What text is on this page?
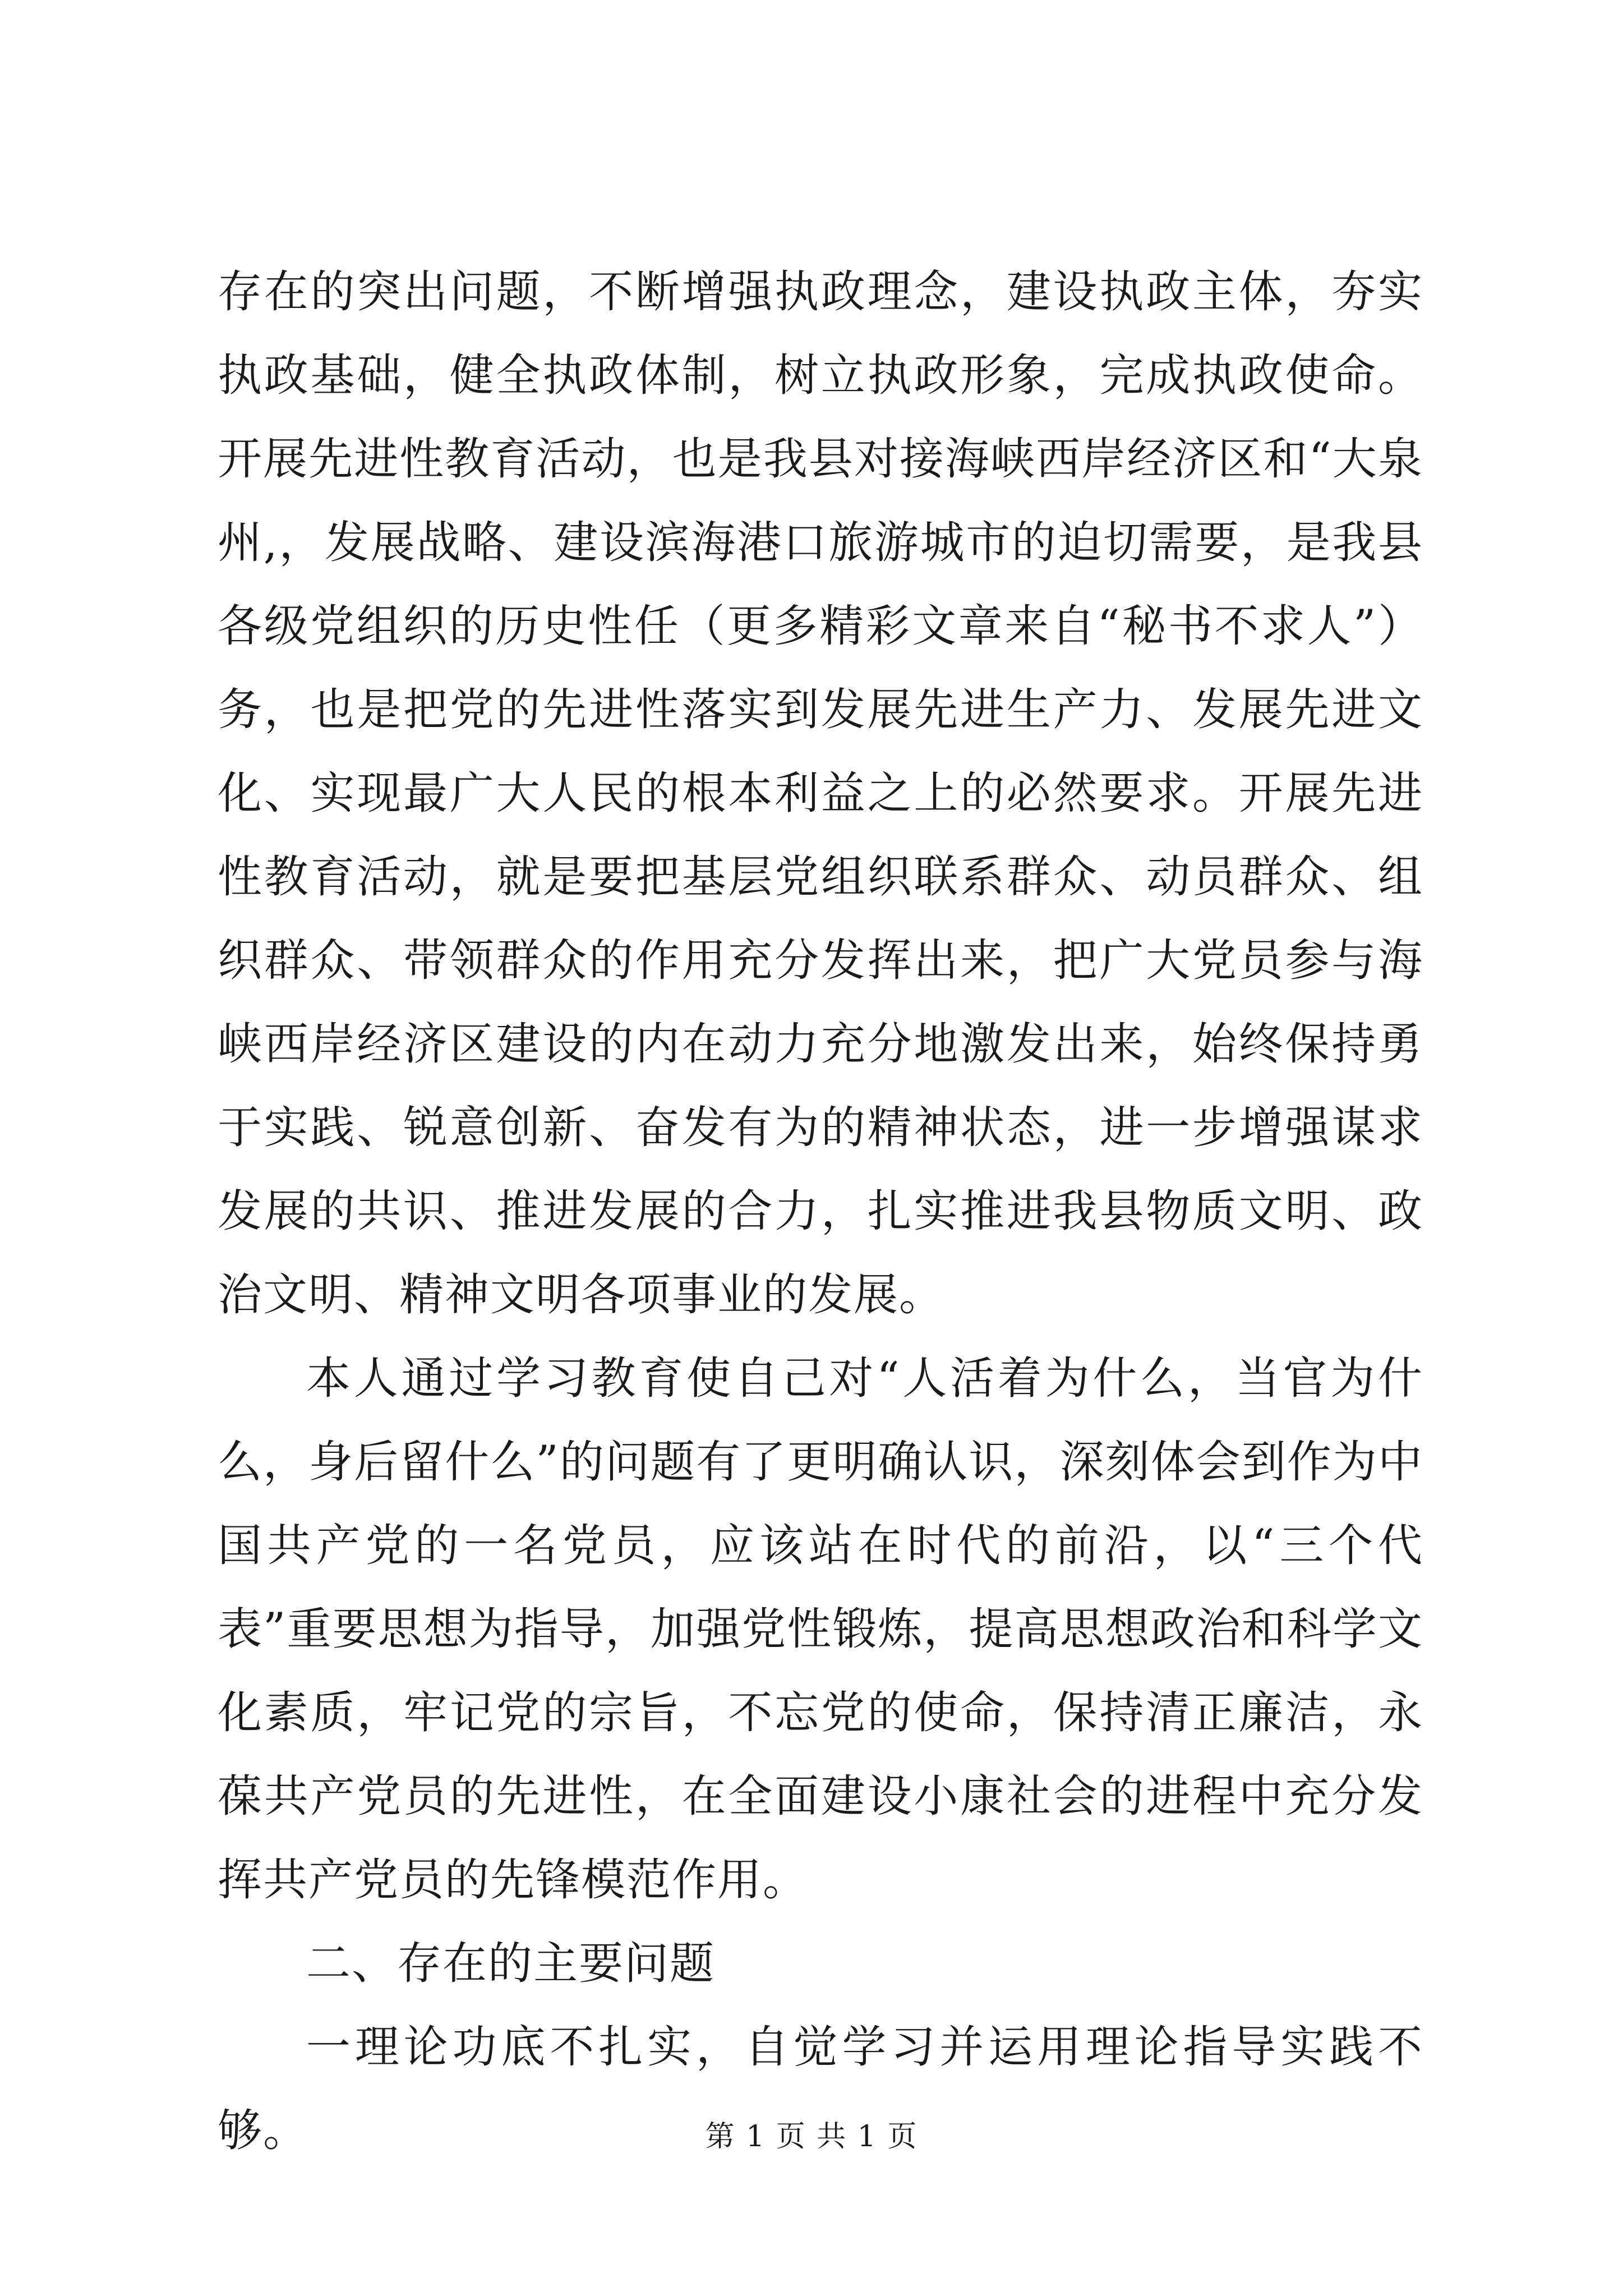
存在的突出问题，不断增强执政理念，建设执政主体，夯实执政基础，健全执政体制，树立执政形象，完成执政使命。开展先进性教育活动，也是我县对接海峡西岸经济区和“大泉州,，发展战略、建设滨海港口旅游城市的迫切需要，是我县各级党组织的历史性任（更多精彩文章来自“秘书不求人”）务，也是把党的先进性落实到发展先进生产力、发展先进文化、实现最广大人民的根本利益之上的必然要求。开展先进性教育活动，就是要把基层党组织联系群众、动员群众、组织群众、带领群众的作用充分发挥出来，把广大党员参与海峡西岸经济区建设的内在动力充分地激发出来，始终保持勇于实践、锐意创新、奋发有为的精神状态，进一步增强谋求发展的共识、推进发展的合力，扎实推进我县物质文明、政治文明、精神文明各项事业的发展。

本人通过学习教育使自己对“人活着为什么，当官为什么，身后留什么”的问题有了更明确认识，深刻体会到作为中国共产党的一名党员，应该站在时代的前沿，以“三个代表”重要思想为指导，加强党性锻炼，提高思想政治和科学文化素质，牢记党的宗旨，不忘党的使命，保持清正廉洁，永葆共产党员的先进性，在全面建设小康社会的进程中充分发挥共产党员的先锋模范作用。

二、存在的主要问题

一理论功底不扎实，自觉学习并运用理论指导实践不够。	第 1 页 共 1 页
